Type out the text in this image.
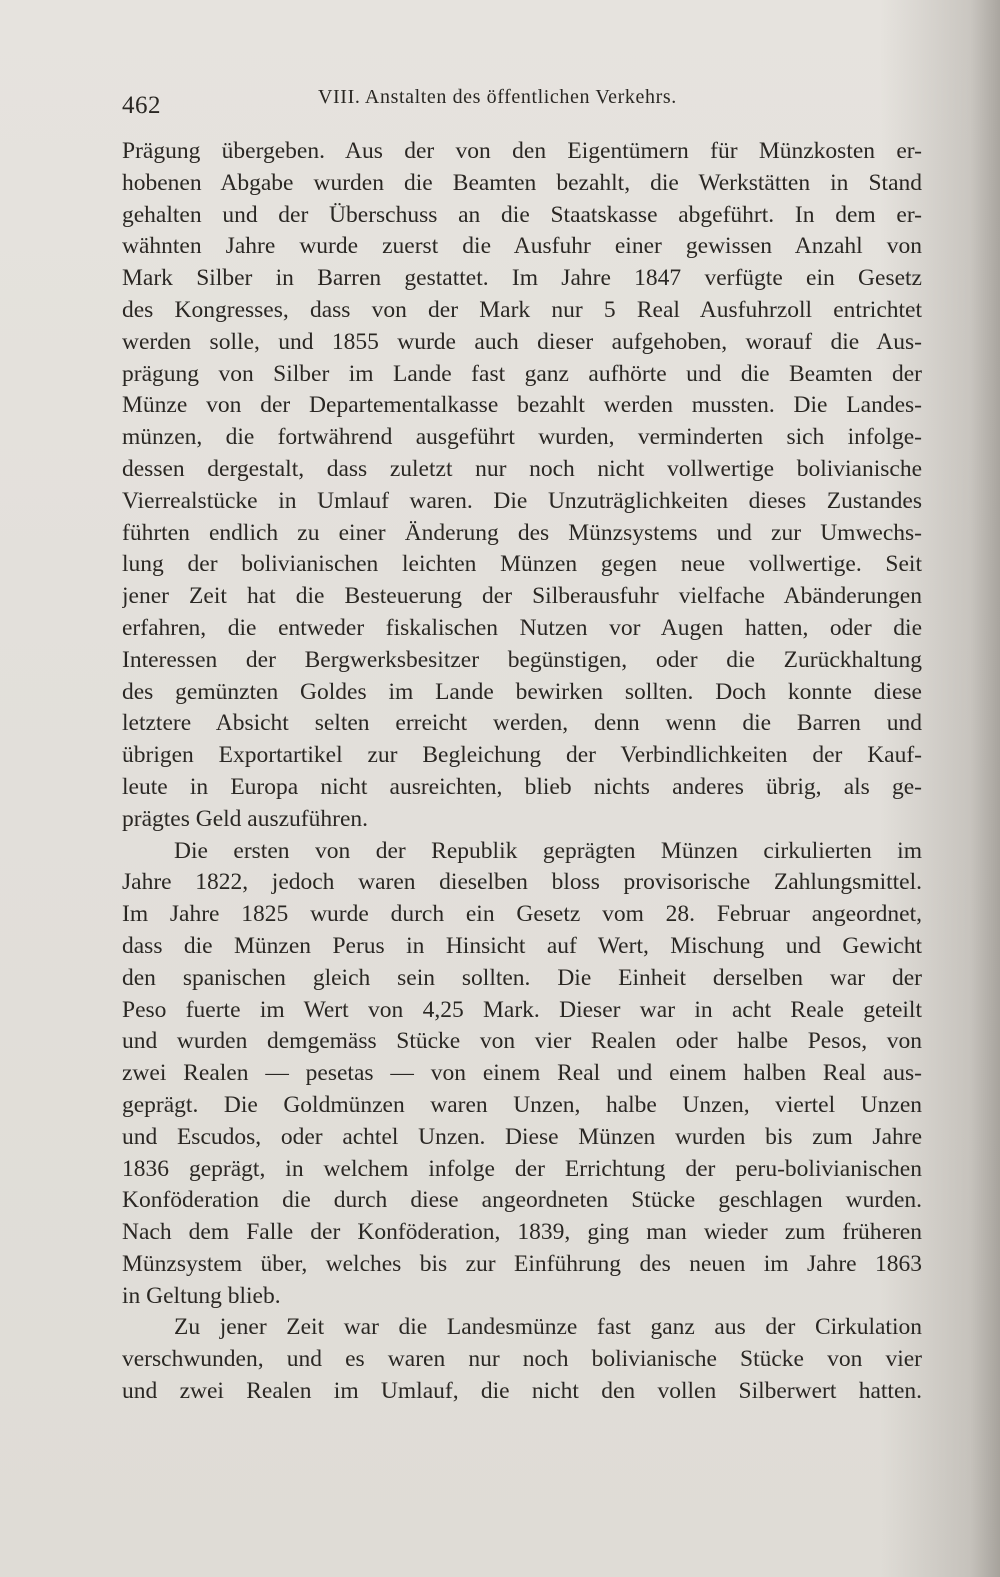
462	VIII. Anstalten des öffentlichen Verkehrs.
Prägung übergeben. Aus der von den Eigentümern für Münzkosten er-
hobenen Abgabe wurden die Beamten bezahlt, die Werkstätten in Stand
gehalten und der Überschuss an die Staatskasse abgeführt. In dem er-
wähnten Jahre wurde zuerst die Ausfuhr einer gewissen Anzahl von
Mark Silber in Barren gestattet. Im Jahre 1847 verfügte ein Gesetz
des Kongresses, dass von der Mark nur 5 Real Ausfuhrzoll entrichtet
werden solle, und 1855 wurde auch dieser aufgehoben, worauf die Aus-
prägung von Silber im Lande fast ganz aufhörte und die Beamten der
Münze von der Departementalkasse bezahlt werden mussten. Die Landes-
münzen, die fortwährend ausgeführt wurden, verminderten sich infolge-
dessen dergestalt, dass zuletzt nur noch nicht vollwertige bolivianische
Vierrealstücke in Umlauf waren. Die Unzuträglichkeiten dieses Zustandes
führten endlich zu einer Änderung des Münzsystems und zur Umwechs-
lung der bolivianischen leichten Münzen gegen neue vollwertige. Seit
jener Zeit hat die Besteuerung der Silberausfuhr vielfache Abänderungen
erfahren, die entweder fiskalischen Nutzen vor Augen hatten, oder die
Interessen der Bergwerksbesitzer begünstigen, oder die Zurückhaltung
des gemünzten Goldes im Lande bewirken sollten. Doch konnte diese
letztere Absicht selten erreicht werden, denn wenn die Barren und
übrigen Exportartikel zur Begleichung der Verbindlichkeiten der Kauf-
leute in Europa nicht ausreichten, blieb nichts anderes übrig, als ge-
prägtes Geld auszuführen.
Die ersten von der Republik geprägten Münzen cirkulierten im
Jahre 1822, jedoch waren dieselben bloss provisorische Zahlungsmittel.
Im Jahre 1825 wurde durch ein Gesetz vom 28. Februar angeordnet,
dass die Münzen Perus in Hinsicht auf Wert, Mischung und Gewicht
den spanischen gleich sein sollten. Die Einheit derselben war der
Peso fuerte im Wert von 4,25 Mark. Dieser war in acht Reale geteilt
und wurden demgemäss Stücke von vier Realen oder halbe Pesos, von
zwei Realen — pesetas — von einem Real und einem halben Real aus-
geprägt. Die Goldmünzen waren Unzen, halbe Unzen, viertel Unzen
und Escudos, oder achtel Unzen. Diese Münzen wurden bis zum Jahre
1836 geprägt, in welchem infolge der Errichtung der peru-bolivianischen
Konföderation die durch diese angeordneten Stücke geschlagen wurden.
Nach dem Falle der Konföderation, 1839, ging man wieder zum früheren
Münzsystem über, welches bis zur Einführung des neuen im Jahre 1863
in Geltung blieb.
Zu jener Zeit war die Landesmünze fast ganz aus der Cirkulation
verschwunden, und es waren nur noch bolivianische Stücke von vier
und zwei Realen im Umlauf, die nicht den vollen Silberwert hatten.
